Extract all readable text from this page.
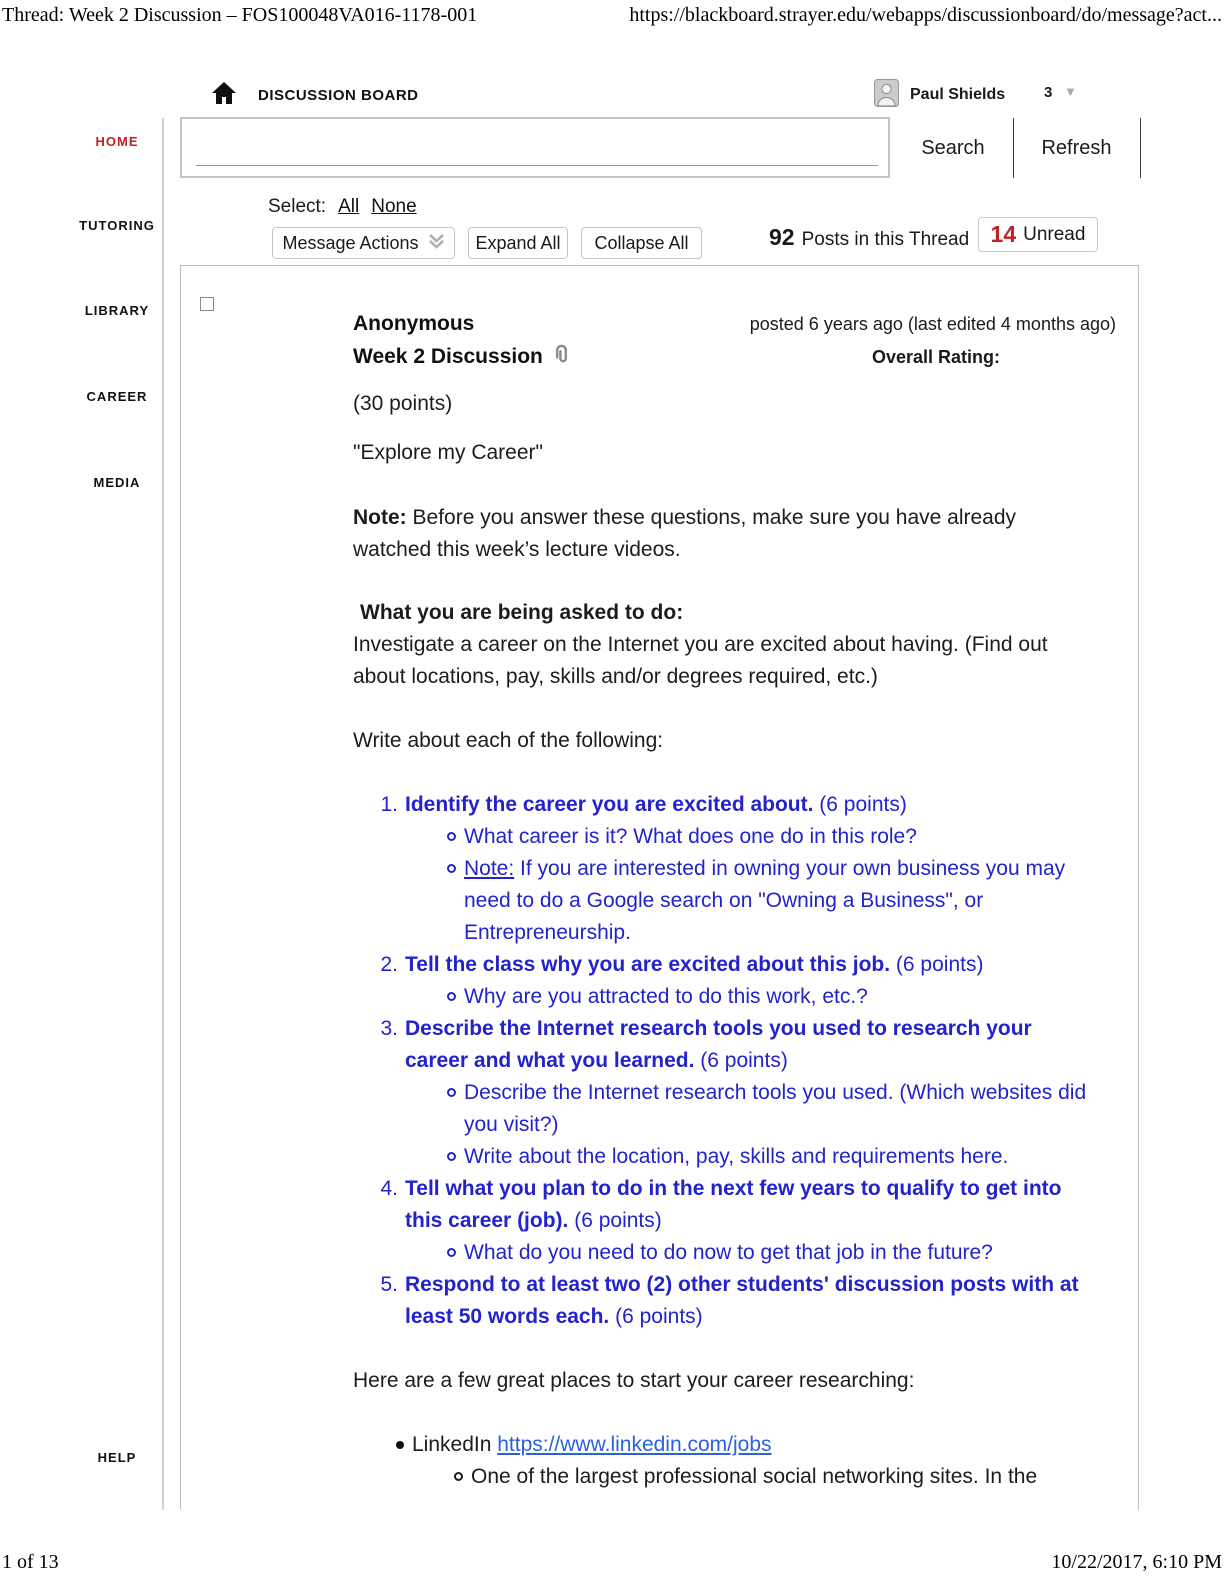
Thread: Week 2 Discussion – FOS100048VA016-1178-001	https://blackboard.strayer.edu/webapps/discussionboard/do/message?act...
HOME
TUTORING
LIBRARY
CAREER
MEDIA
HELP
DISCUSSION BOARD	Paul Shields	3 ▼
Search	Refresh
Select: All None
Message Actions	Expand All	Collapse All	92 Posts in this Thread 14 Unread
Anonymous	posted 6 years ago (last edited 4 months ago)
Week 2 Discussion	Overall Rating:

(30 points)

"Explore my Career"

Note: Before you answer these questions, make sure you have already watched this week’s lecture videos.

What you are being asked to do:
Investigate a career on the Internet you are excited about having. (Find out about locations, pay, skills and/or degrees required, etc.)

Write about each of the following:

1. Identify the career you are excited about. (6 points)
What career is it? What does one do in this role?
Note: If you are interested in owning your own business you may need to do a Google search on "Owning a Business", or Entrepreneurship.
2. Tell the class why you are excited about this job. (6 points)
Why are you attracted to do this work, etc.?
3. Describe the Internet research tools you used to research your career and what you learned. (6 points)
Describe the Internet research tools you used. (Which websites did you visit?)
Write about the location, pay, skills and requirements here.
4. Tell what you plan to do in the next few years to qualify to get into this career (job). (6 points)
What do you need to do now to get that job in the future?
5. Respond to at least two (2) other students' discussion posts with at least 50 words each. (6 points)

Here are a few great places to start your career researching:

LinkedIn https://www.linkedin.com/jobs
One of the largest professional social networking sites. In the
1 of 13	10/22/2017, 6:10 PM
